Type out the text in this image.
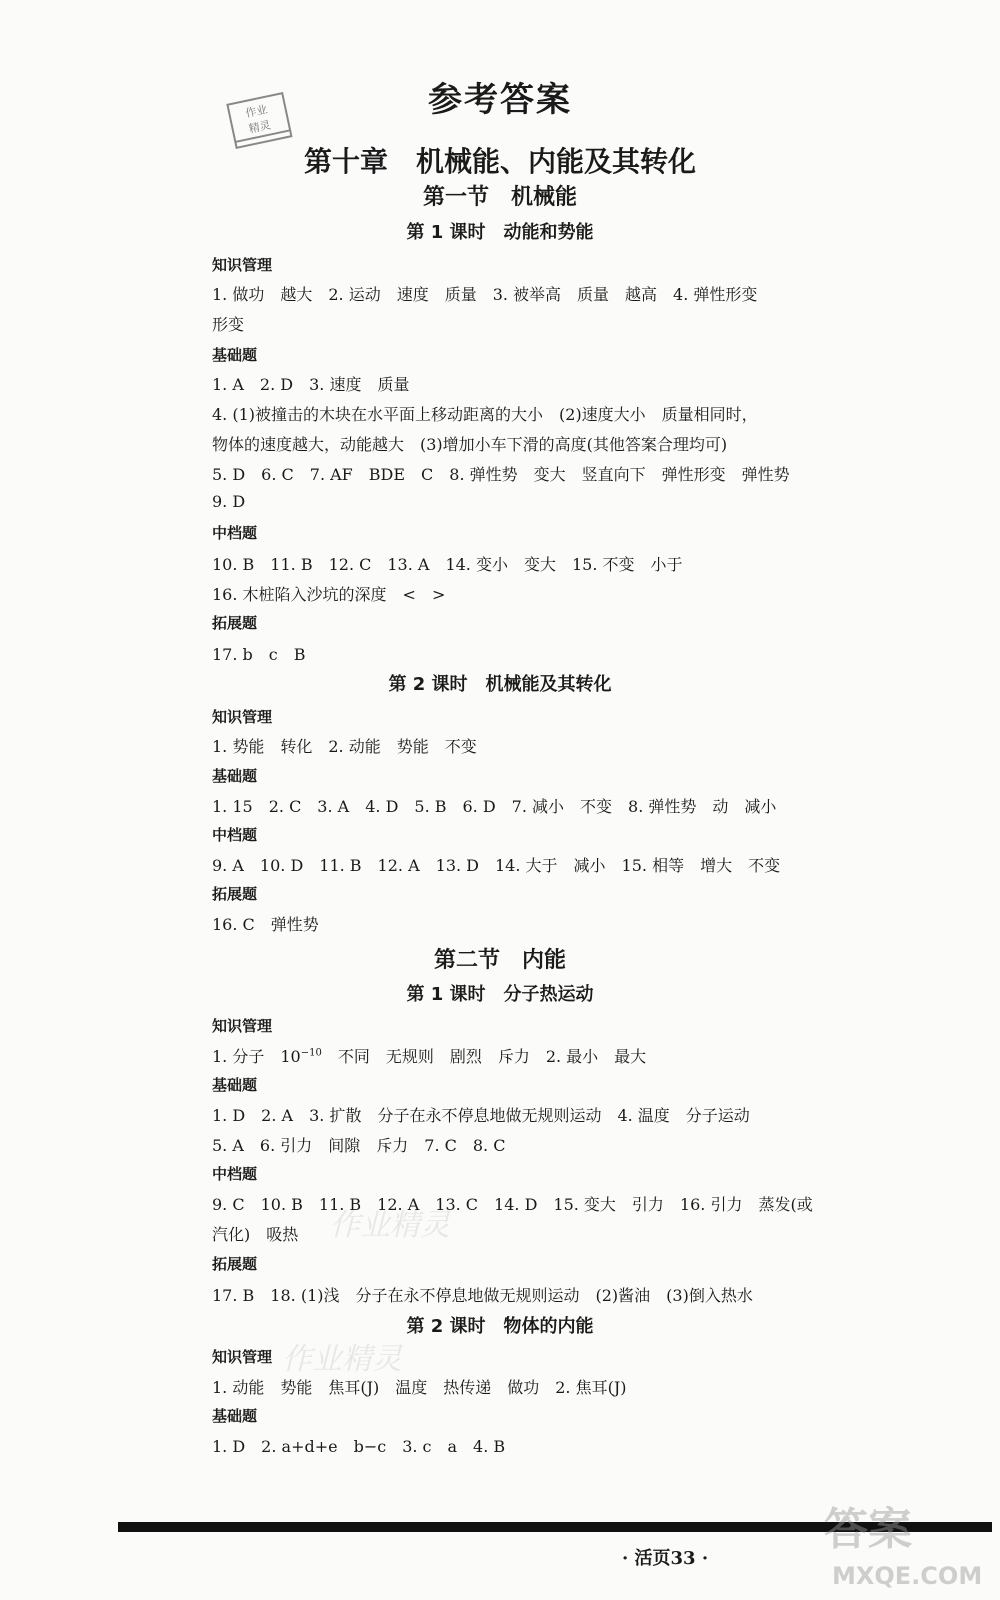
作业
精灵
参考答案
第十章　机械能、内能及其转化
第一节　机械能
第 1 课时　动能和势能
知识管理
1. 做功　越大　2. 运动　速度　质量　3. 被举高　质量　越高　4. 弹性形变
形变
基础题
1. A　2. D　3. 速度　质量
4. (1)被撞击的木块在水平面上移动距离的大小　(2)速度大小　质量相同时，
物体的速度越大，动能越大　(3)增加小车下滑的高度(其他答案合理均可)
5. D　6. C　7. AF　BDE　C　8. 弹性势　变大　竖直向下　弹性形变　弹性势
9. D
中档题
10. B　11. B　12. C　13. A　14. 变小　变大　15. 不变　小于
16. 木桩陷入沙坑的深度　<　>
拓展题
17. b　c　B
第 2 课时　机械能及其转化
知识管理
1. 势能　转化　2. 动能　势能　不变
基础题
1. 15　2. C　3. A　4. D　5. B　6. D　7. 减小　不变　8. 弹性势　动　减小
中档题
9. A　10. D　11. B　12. A　13. D　14. 大于　减小　15. 相等　增大　不变
拓展题
16. C　弹性势
第二节　内能
第 1 课时　分子热运动
知识管理
1. 分子　$10^{-10}$　不同　无规则　剧烈　斥力　2. 最小　最大
基础题
1. D　2. A　3. 扩散　分子在永不停息地做无规则运动　4. 温度　分子运动
5. A　6. 引力　间隙　斥力　7. C　8. C
中档题
9. C　10. B　11. B　12. A　13. C　14. D　15. 变大　引力　16. 引力　蒸发(或
汽化)　吸热
拓展题
17. B　18. (1)浅　分子在永不停息地做无规则运动　(2)酱油　(3)倒入热水
第 2 课时　物体的内能
知识管理
1. 动能　势能　焦耳(J)　温度　热传递　做功　2. 焦耳(J)
基础题
1. D　2. a+d+e　b−c　3. c　a　4. B
作业精灵
作业精灵
· 活页33 ·
答案
MXQE.COM
